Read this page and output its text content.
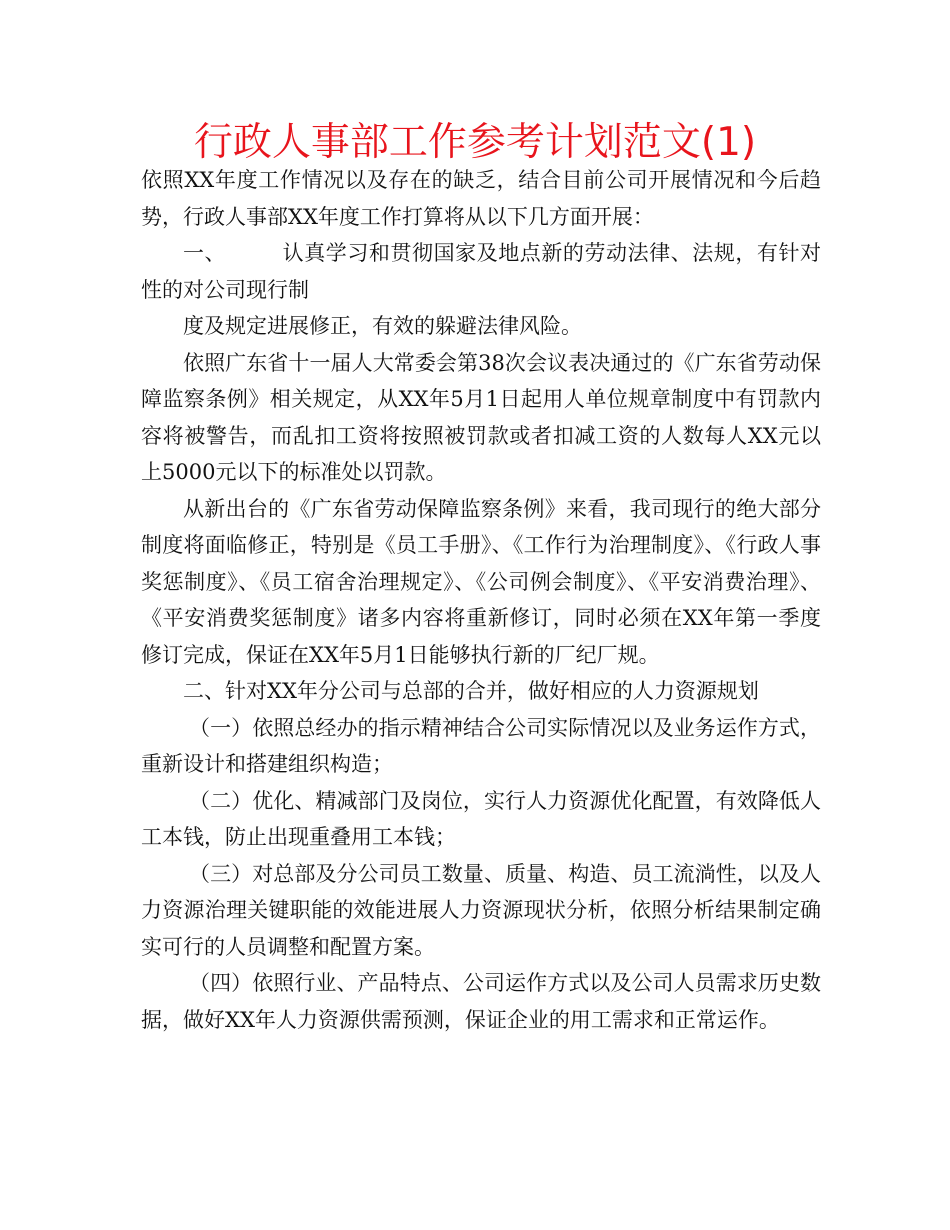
行政人事部工作参考计划范文(1)

依照XX年度工作情况以及存在的缺乏，结合目前公司开展情况和今后趋势，行政人事部XX年度工作打算将从以下几方面开展：

一、	认真学习和贯彻国家及地点新的劳动法律、法规，有针对性的对公司现行制

度及规定进展修正，有效的躲避法律风险。

依照广东省十一届人大常委会第38次会议表决通过的《广东省劳动保障监察条例》相关规定，从XX年5月1日起用人单位规章制度中有罚款内容将被警告，而乱扣工资将按照被罚款或者扣减工资的人数每人XX元以上5000元以下的标准处以罚款。

从新出台的《广东省劳动保障监察条例》来看，我司现行的绝大部分制度将面临修正，特别是《员工手册》、《工作行为治理制度》、《行政人事奖惩制度》、《员工宿舍治理规定》、《公司例会制度》、《平安消费治理》、《平安消费奖惩制度》诸多内容将重新修订，同时必须在XX年第一季度修订完成，保证在XX年5月1日能够执行新的厂纪厂规。

二、针对XX年分公司与总部的合并，做好相应的人力资源规划

（一）依照总经办的指示精神结合公司实际情况以及业务运作方式，重新设计和搭建组织构造；

（二）优化、精减部门及岗位，实行人力资源优化配置，有效降低人工本钱，防止出现重叠用工本钱；

（三）对总部及分公司员工数量、质量、构造、员工流淌性，以及人力资源治理关键职能的效能进展人力资源现状分析，依照分析结果制定确实可行的人员调整和配置方案。

（四）依照行业、产品特点、公司运作方式以及公司人员需求历史数据，做好XX年人力资源供需预测，保证企业的用工需求和正常运作。
